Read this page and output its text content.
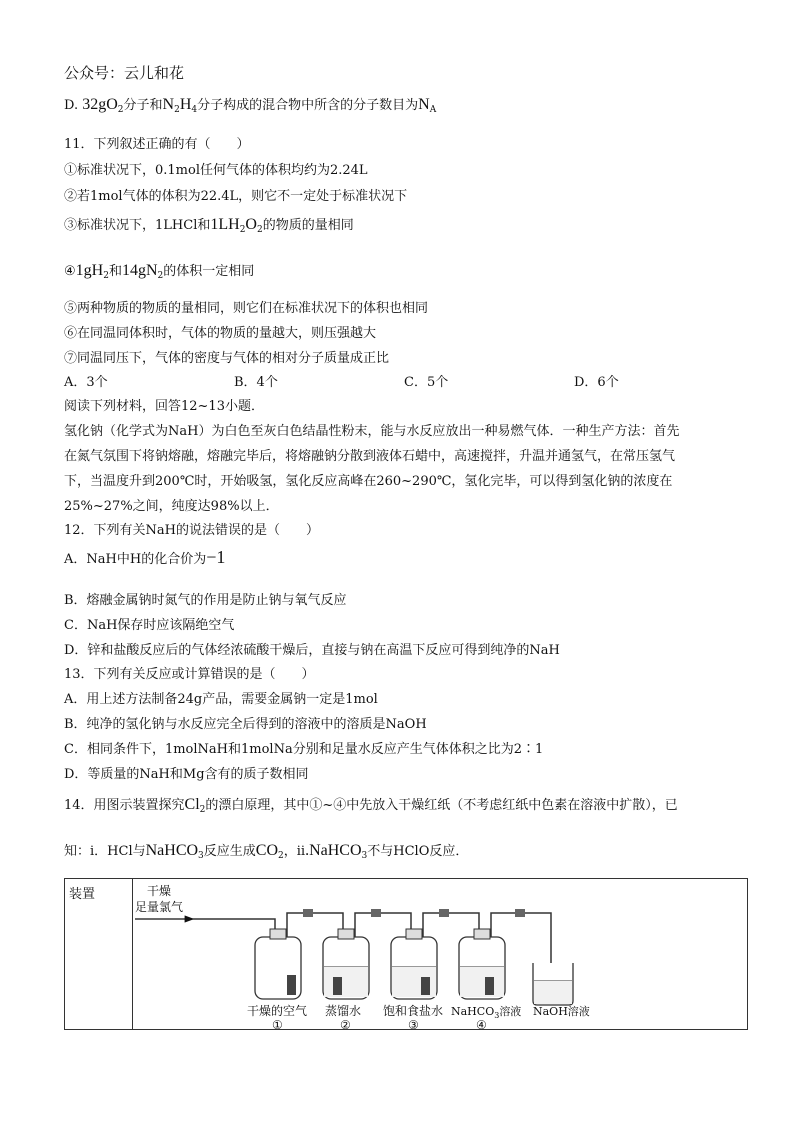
公众号：云儿和花
D. $32gO_2$分子和$N_2H_4$分子构成的混合物中所含的分子数目为$N_A$
11．下列叙述正确的有（　　）
①标准状况下，0.1mol任何气体的体积均约为2.24L
②若1mol气体的体积为22.4L，则它不一定处于标准状况下
③标准状况下，1LHCl和$1LH_2O_2$的物质的量相同
$④1gH_2$和$14gN_2$的体积一定相同
⑤两种物质的物质的量相同，则它们在标准状况下的体积也相同
⑥在同温同体积时，气体的物质的量越大，则压强越大
⑦同温同压下，气体的密度与气体的相对分子质量成正比
A．3个	B．4个	C．5个	D．6个
阅读下列材料，回答12~13小题．
氢化钠（化学式为NaH）为白色至灰白色结晶性粉末，能与水反应放出一种易燃气体．一种生产方法：首先
在氮气氛围下将钠熔融，熔融完毕后，将熔融钠分散到液体石蜡中，高速搅拌，升温并通氢气，在常压氢气
下，当温度升到200℃时，开始吸氢，氢化反应高峰在260~290℃，氢化完毕，可以得到氢化钠的浓度在
25%~27%之间，纯度达98%以上．
12．下列有关NaH的说法错误的是（　　）
A．NaH中H的化合价为−1
B．熔融金属钠时氮气的作用是防止钠与氧气反应
C．NaH保存时应该隔绝空气
D．锌和盐酸反应后的气体经浓硫酸干燥后，直接与钠在高温下反应可得到纯净的NaH
13．下列有关反应或计算错误的是（　　）
A．用上述方法制备24g产品，需要金属钠一定是1mol
B．纯净的氢化钠与水反应完全后得到的溶液中的溶质是NaOH
C．相同条件下，1molNaH和1molNa分别和足量水反应产生气体体积之比为2∶1
D．等质量的NaH和Mg含有的质子数相同
14．用图示装置探究$Cl_2$的漂白原理，其中①~④中先放入干燥红纸（不考虑红纸中色素在溶液中扩散），已
知：ⅰ．HCl与NaHCO$_3$反应生成$CO_2$，ⅱ.NaHCO$_3$不与HClO反应．
装置	干燥
足量氯气
干燥的空气 蒸馏水 饱和食盐水 NaHCO$_3$溶液 NaOH溶液
①	②	③	④
